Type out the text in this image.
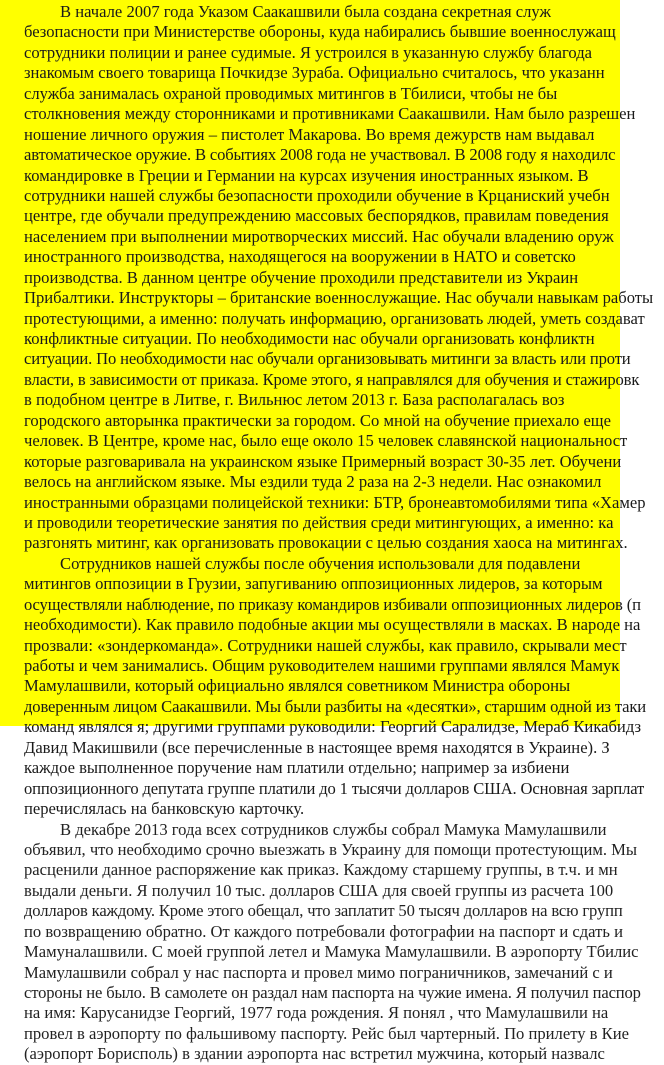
В начале 2007 года Указом Саакашвили была создана секретная служ
безопасности при Министерстве обороны, куда набирались бывшие военнослужащ
сотрудники полиции и ранее судимые. Я устроился в указанную службу благода
знакомым своего товарища Почкидзе Зураба. Официально считалось, что указанн
служба занималась охраной проводимых митингов в Тбилиси, чтобы не бы
столкновения между сторонниками и противниками Саакашвили. Нам было разрешен
ношение личного оружия – пистолет Макарова. Во время дежурств нам выдавал
автоматическое оружие. В событиях 2008 года не участвовал. В 2008 году я находилс
командировке в Греции и Германии на курсах изучения иностранных языком. В
сотрудники нашей службы безопасности проходили обучение в Крцаниский учебн
центре, где обучали предупреждению массовых беспорядков, правилам поведения
населением при выполнении миротворческих миссий. Нас обучали владению оруж
иностранного производства, находящегося на вооружении в НАТО и советско
производства. В данном центре обучение проходили представители из Украин
Прибалтики. Инструкторы – британские военнослужащие. Нас обучали навыкам работы
протестующими, а именно: получать информацию, организовать людей, уметь создават
конфликтные ситуации. По необходимости нас обучали организовать конфликтн
ситуации. По необходимости нас обучали организовывать митинги за власть или проти
власти, в зависимости от приказа. Кроме этого, я направлялся для обучения и стажировк
в подобном центре в Литве, г. Вильнюс летом 2013 г. База располагалась воз
городского авторынка практически за городом. Со мной на обучение приехало еще
человек. В Центре, кроме нас, было еще около 15 человек славянской национальност
которые разговаривала на украинском языке Примерный возраст 30-35 лет. Обучени
велось на английском языке. Мы ездили туда 2 раза на 2-3 недели. Нас ознакомил
иностранными образцами полицейской техники: БТР, бронеавтомобилями типа «Хамер
и проводили теоретические занятия по действия среди митингующих, а именно: ка
разгонять митинг, как организовать провокации с целью создания хаоса на митингах.
Сотрудников нашей службы после обучения использовали для подавлени
митингов оппозиции в Грузии, запугиванию оппозиционных лидеров, за которым
осуществляли наблюдение, по приказу командиров избивали оппозиционных лидеров (п
необходимости). Как правило подобные акции мы осуществляли в масках. В народе на
прозвали: «зондеркоманда». Сотрудники нашей службы, как правило, скрывали мест
работы и чем занимались. Общим руководителем нашими группами являлся Мамук
Мамулашвили, который официально являлся советником Министра обороны
доверенным лицом Саакашвили. Мы были разбиты на «десятки», старшим одной из таки
команд являлся я; другими группами руководили: Георгий Саралидзе, Мераб Кикабидз
Давид Макишвили (все перечисленные в настоящее время находятся в Украине). З
каждое выполненное поручение нам платили отдельно; например за избиени
оппозиционного депутата группе платили до 1 тысячи долларов США. Основная зарплат
перечислялась на банковскую карточку.
В декабре 2013 года всех сотрудников службы собрал Мамука Мамулашвили
объявил, что необходимо срочно выезжать в Украину для помощи протестующим. Мы
расценили данное распоряжение как приказ. Каждому старшему группы, в т.ч. и мн
выдали деньги. Я получил 10 тыс. долларов США для своей группы из расчета 100
долларов каждому. Кроме этого обещал, что заплатит 50 тысяч долларов на всю групп
по возвращению обратно. От каждого потребовали фотографии на паспорт и сдать и
Мамуналашвили. С моей группой летел и Мамука Мамулашвили. В аэропорту Тбилис
Мамулашвили собрал у нас паспорта и провел мимо пограничников, замечаний с и
стороны не было. В самолете он раздал нам паспорта на чужие имена. Я получил паспор
на имя: Карусанидзе Георгий, 1977 года рождения. Я понял , что Мамулашвили на
провел в аэропорту по фальшивому паспорту. Рейс был чартерный. По прилету в Кие
(аэропорт Борисполь) в здании аэропорта нас встретил мужчина, который назвалс
